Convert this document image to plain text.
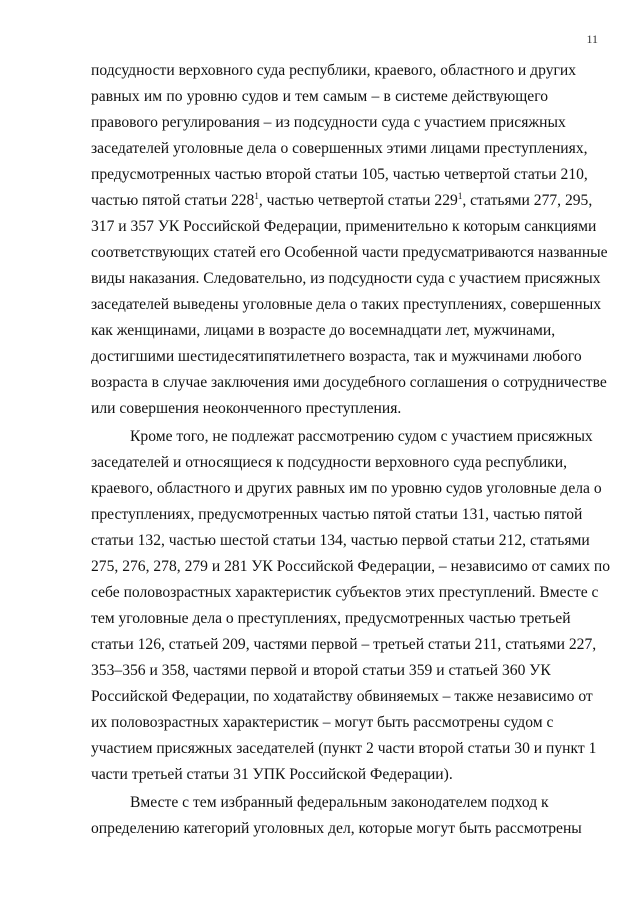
11
подсудности верховного суда республики, краевого, областного и других
равных им по уровню судов и тем самым – в системе действующего
правового регулирования – из подсудности суда с участием присяжных
заседателей уголовные дела о совершенных этими лицами преступлениях,
предусмотренных частью второй статьи 105, частью четвертой статьи 210,
частью пятой статьи $228^1$, частью четвертой статьи $229^1$, статьями 277, 295,
317 и 357 УК Российской Федерации, применительно к которым санкциями
соответствующих статей его Особенной части предусматриваются названные
виды наказания. Следовательно, из подсудности суда с участием присяжных
заседателей выведены уголовные дела о таких преступлениях, совершенных
как женщинами, лицами в возрасте до восемнадцати лет, мужчинами,
достигшими шестидесятипятилетнего возраста, так и мужчинами любого
возраста в случае заключения ими досудебного соглашения о сотрудничестве
или совершения неоконченного преступления.
Кроме того, не подлежат рассмотрению судом с участием присяжных
заседателей и относящиеся к подсудности верховного суда республики,
краевого, областного и других равных им по уровню судов уголовные дела о
преступлениях, предусмотренных частью пятой статьи 131, частью пятой
статьи 132, частью шестой статьи 134, частью первой статьи 212, статьями
275, 276, 278, 279 и 281 УК Российской Федерации, – независимо от самих по
себе половозрастных характеристик субъектов этих преступлений. Вместе с
тем уголовные дела о преступлениях, предусмотренных частью третьей
статьи 126, статьей 209, частями первой – третьей статьи 211, статьями 227,
353–356 и 358, частями первой и второй статьи 359 и статьей 360 УК
Российской Федерации, по ходатайству обвиняемых – также независимо от
их половозрастных характеристик – могут быть рассмотрены судом с
участием присяжных заседателей (пункт 2 части второй статьи 30 и пункт 1
части третьей статьи 31 УПК Российской Федерации).
Вместе с тем избранный федеральным законодателем подход к
определению категорий уголовных дел, которые могут быть рассмотрены
